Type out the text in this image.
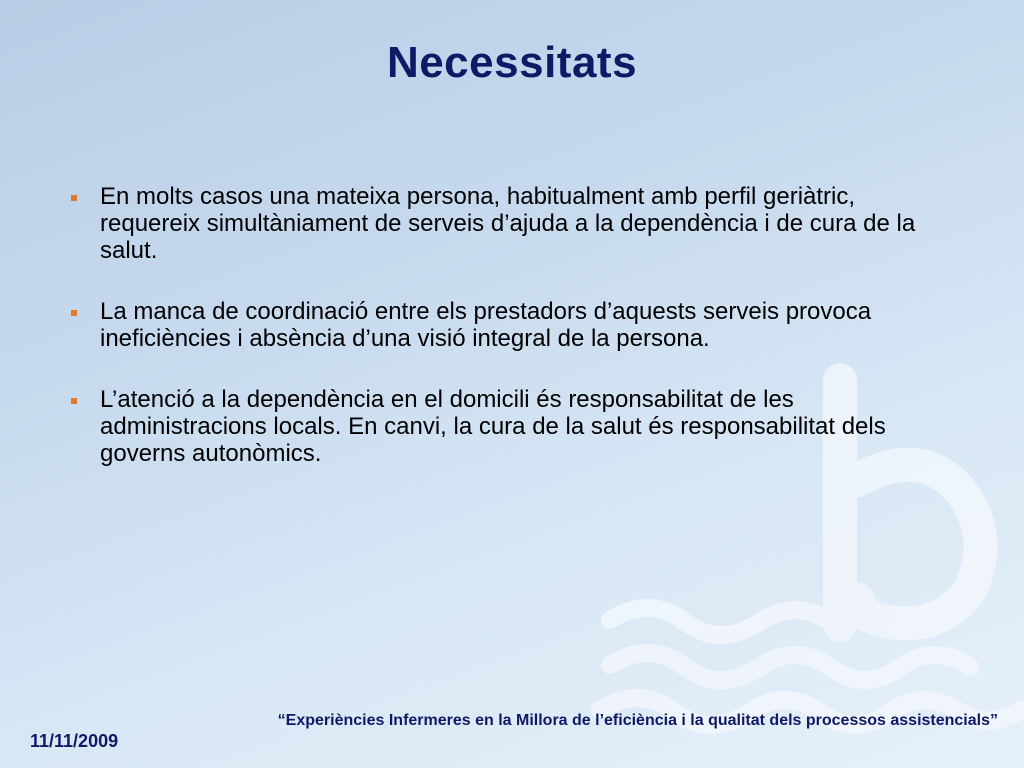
Necessitats
En molts casos una mateixa persona, habitualment amb perfil geriàtric, requereix simultàniament de serveis d’ajuda a la dependència i de cura de la salut.
La manca de coordinació entre els prestadors d’aquests serveis provoca ineficiències i absència d’una visió integral de la persona.
L’atenció a la dependència en el domicili és responsabilitat de les administracions locals. En canvi, la cura de la salut és responsabilitat dels governs autonòmics.
“Experiències Infermeres en la Millora de l’eficiència i la qualitat dels processos assistencials”
11/11/2009
